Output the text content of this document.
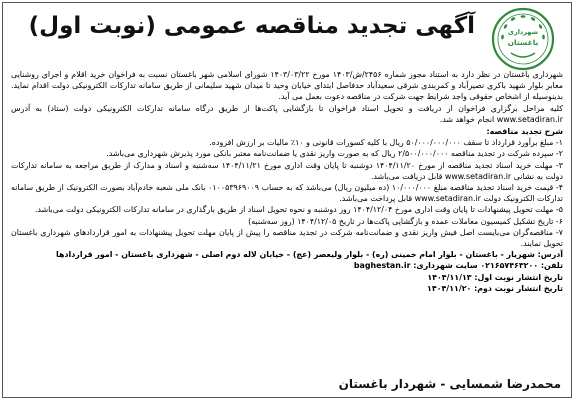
آگهی تجدید مناقصه عمومی (نوبت اول)	شهرداری
باغستان

شهرداری باغستان در نظر دارد به استناد مجوز شماره ۲۴۵۶/ش/۱۴۰۳ مورخ ۱۴۰۳/۰۳/۲۲ شورای اسلامی شهر باغستان نسبت به فراخوان خرید اقلام و اجرای روشنایی معابر بلوار شهید باکری نصیرآباد و کمربندی شرقی سعیدآباد حدفاصل ابتدای خیابان وحید تا میدان شهید سلیمانی از طریق سامانه تدارکات الکترونیکی دولت اقدام نماید. بدینوسیله از اشخاص حقوقی واجد شرایط جهت شرکت در مناقصه دعوت بعمل می آید.

کلیه مراحل برگزاری فراخوان از دریافت و تحویل اسناد فراخوان تا بازگشایی پاکت‌ها از طریق درگاه سامانه تدارکات الکترونیکی دولت (ستاد) به آدرس www.setadiran.ir انجام خواهد شد.

شرح تجدید مناقصه:

۱- مبلغ برآورد قرارداد تا سقف ۵۰/۰۰۰/۰۰۰/۰۰۰ ریال با کلیه کسورات قانونی و ۱۰٪ مالیات بر ارزش افزوده.

۲- سپرده شرکت در تجدید مناقصه ۲/۵۰۰/۰۰۰/۰۰۰ ریال که به صورت واریز نقدی یا ضمانت‌نامه معتبر بانکی مورد پذیرش شهرداری می‌باشد.

۳- مهلت خرید اسناد تجدید مناقصه از مورخ ۱۴۰۴/۱۱/۲۰ دوشنبه تا پایان وقت اداری مورخ ۱۴۰۴/۱۱/۲۱ سه‌شنبه و اسناد و مدارک از طریق مراجعه به سامانه تدارکات دولت به نشانی www.setadiran.ir قابل دریافت می‌باشد.

۴- قیمت خرید اسناد تجدید مناقصه مبلغ ۱۰/۰۰۰/۰۰۰ (ده میلیون ریال) می‌باشد که به حساب ۰۱۰۰۵۳۹۶۹۰۰۹ بانک ملی شعبه خادم‌آباد بصورت الکترونیک از طریق سامانه تدارکات الکترونیک دولت www.setadiran.ir قابل پرداخت می‌باشد.

۵- مهلت تحویل پیشنهادات تا پایان وقت اداری مورخ ۱۴۰۴/۱۲/۰۴ روز دوشنبه و نحوه تحویل اسناد از طریق بارگذاری در سامانه تدارکات الکترونیکی دولت می‌باشد.

۶- تاریخ تشکیل کمیسیون معاملات عمده و بازگشایی پاکت‌ها در تاریخ ۱۴۰۴/۱۲/۰۵ (روز سه‌شنبه)

۷- مناقصه‌گران می‌بایست اصل فیش واریز نقدی و ضمانت‌نامه شرکت در تجدید مناقصه را پیش از پایان مهلت تحویل پیشنهادات به امور قراردادهای شهرداری باغستان تحویل نمایند.

آدرس: شهریار - باغستان - بلوار امام خمینی (ره) - بلوار ولیعصر (عج) - خیابان لاله دوم اصلی - شهرداری باغستان - امور قراردادها

تلفن: ۰۲۱۶۵۷۴۶۳۲۰۰ سایت شهرداری: baghestan.ir

تاریخ انتشار نوبت اول: ۱۴۰۴/۱۱/۱۳

تاریخ انتشار نوبت دوم: ۱۴۰۴/۱۱/۲۰

محمدرضا شمسایی - شهردار باغستان
